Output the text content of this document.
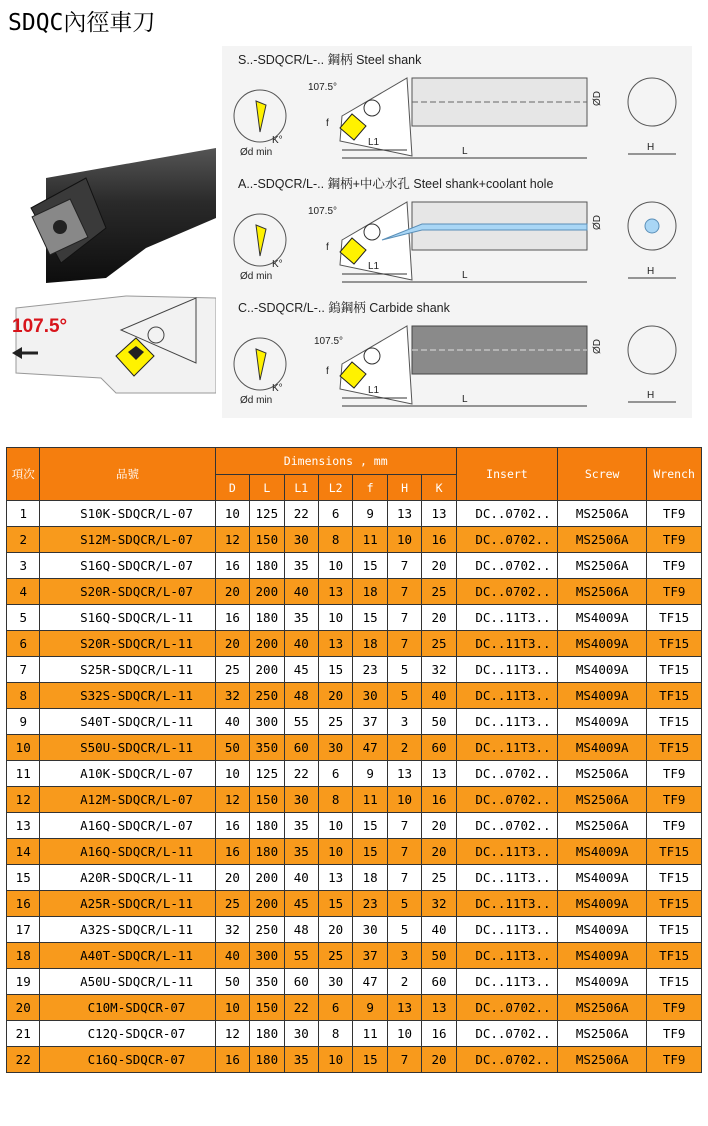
SDQC內徑車刀
107.5°
S..-SDQCR/L-.. 鋼柄 Steel shank
Ød min
K°
107.5°
f
ØD
L1
L	H
A..-SDQCR/L-.. 鋼柄+中心水孔 Steel shank+coolant hole
Ød min
K°
107.5°
f
ØD
L1
L	H
C..-SDQCR/L-.. 鎢鋼柄 Carbide shank
Ød min
K°
107.5°
f
ØD
L1
L	H
項次	品號	Dimensions , mm							Insert	Screw	Wrench
		D	L	L1	L2	f	H	K			
1	S10K-SDQCR/L-07	10	125	22	6	9	13	13	DC..0702..	MS2506A	TF9
2	S12M-SDQCR/L-07	12	150	30	8	11	10	16	DC..0702..	MS2506A	TF9
3	S16Q-SDQCR/L-07	16	180	35	10	15	7	20	DC..0702..	MS2506A	TF9
4	S20R-SDQCR/L-07	20	200	40	13	18	7	25	DC..0702..	MS2506A	TF9
5	S16Q-SDQCR/L-11	16	180	35	10	15	7	20	DC..11T3..	MS4009A	TF15
6	S20R-SDQCR/L-11	20	200	40	13	18	7	25	DC..11T3..	MS4009A	TF15
7	S25R-SDQCR/L-11	25	200	45	15	23	5	32	DC..11T3..	MS4009A	TF15
8	S32S-SDQCR/L-11	32	250	48	20	30	5	40	DC..11T3..	MS4009A	TF15
9	S40T-SDQCR/L-11	40	300	55	25	37	3	50	DC..11T3..	MS4009A	TF15
10	S50U-SDQCR/L-11	50	350	60	30	47	2	60	DC..11T3..	MS4009A	TF15
11	A10K-SDQCR/L-07	10	125	22	6	9	13	13	DC..0702..	MS2506A	TF9
12	A12M-SDQCR/L-07	12	150	30	8	11	10	16	DC..0702..	MS2506A	TF9
13	A16Q-SDQCR/L-07	16	180	35	10	15	7	20	DC..0702..	MS2506A	TF9
14	A16Q-SDQCR/L-11	16	180	35	10	15	7	20	DC..11T3..	MS4009A	TF15
15	A20R-SDQCR/L-11	20	200	40	13	18	7	25	DC..11T3..	MS4009A	TF15
16	A25R-SDQCR/L-11	25	200	45	15	23	5	32	DC..11T3..	MS4009A	TF15
17	A32S-SDQCR/L-11	32	250	48	20	30	5	40	DC..11T3..	MS4009A	TF15
18	A40T-SDQCR/L-11	40	300	55	25	37	3	50	DC..11T3..	MS4009A	TF15
19	A50U-SDQCR/L-11	50	350	60	30	47	2	60	DC..11T3..	MS4009A	TF15
20	C10M-SDQCR-07	10	150	22	6	9	13	13	DC..0702..	MS2506A	TF9
21	C12Q-SDQCR-07	12	180	30	8	11	10	16	DC..0702..	MS2506A	TF9
22	C16Q-SDQCR-07	16	180	35	10	15	7	20	DC..0702..	MS2506A	TF9
